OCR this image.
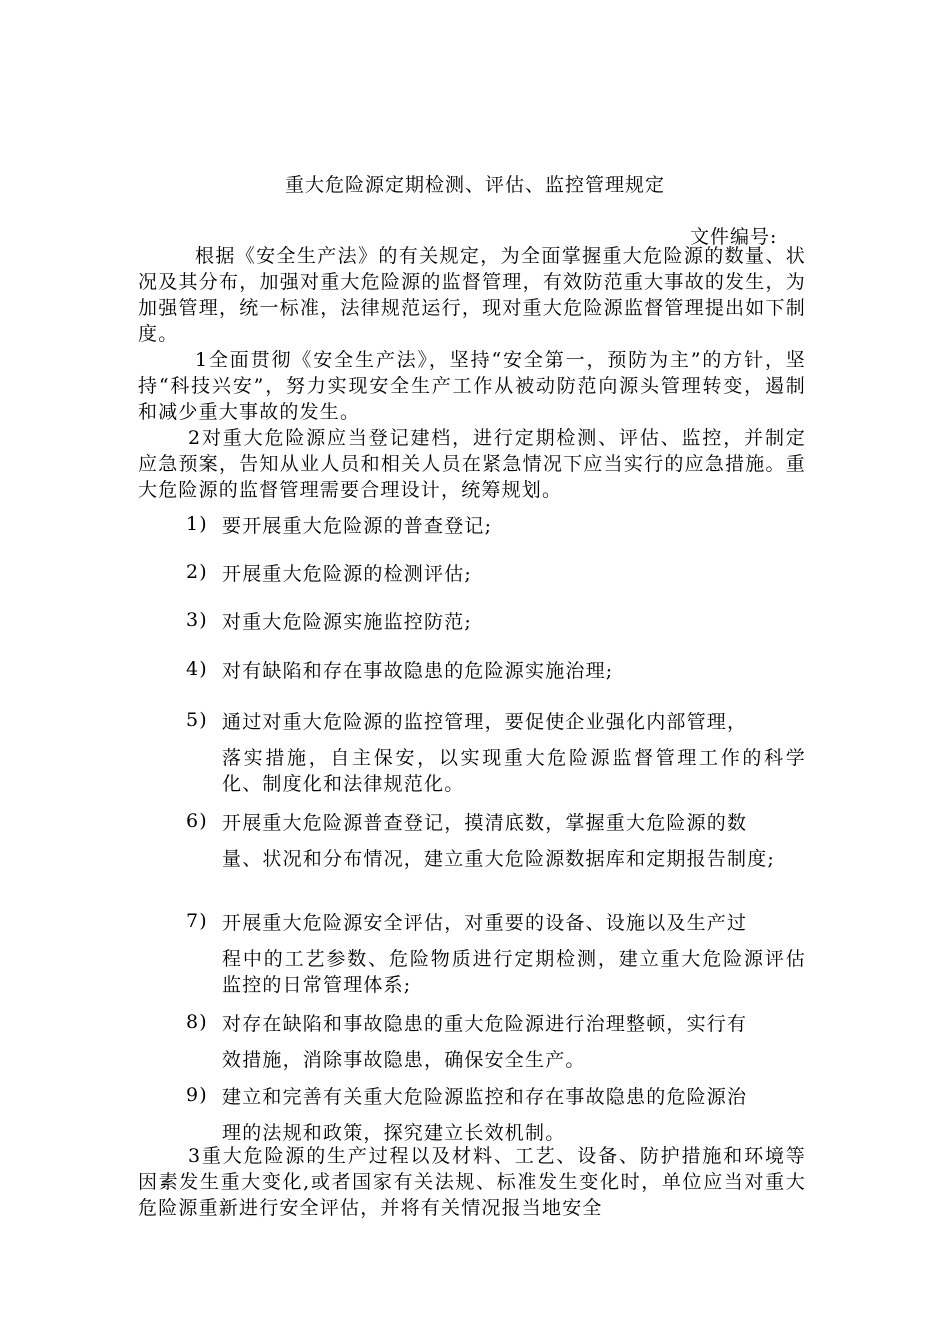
重大危险源定期检测、评估、监控管理规定
文件编号:
根据《安全生产法》的有关规定，为全面掌握重大危险源的数量、状况及其分布，加强对重大危险源的监督管理，有效防范重大事故的发生，为加强管理，统一标准，法律规范运行，现对重大危险源监督管理提出如下制度。
1全面贯彻《安全生产法》，坚持“安全第一，预防为主”的方针，坚持“科技兴安”，努力实现安全生产工作从被动防范向源头管理转变，遏制和减少重大事故的发生。
2对重大危险源应当登记建档，进行定期检测、评估、监控，并制定应急预案，告知从业人员和相关人员在紧急情况下应当实行的应急措施。重大危险源的监督管理需要合理设计，统筹规划。
1) 要开展重大危险源的普查登记;
2) 开展重大危险源的检测评估;
3) 对重大危险源实施监控防范;
4) 对有缺陷和存在事故隐患的危险源实施治理;
5) 通过对重大危险源的监控管理，要促使企业强化内部管理，
落实措施，自主保安，以实现重大危险源监督管理工作的科学化、制度化和法律规范化。
6) 开展重大危险源普查登记，摸清底数，掌握重大危险源的数
量、状况和分布情况，建立重大危险源数据库和定期报告制度;
7) 开展重大危险源安全评估，对重要的设备、设施以及生产过
程中的工艺参数、危险物质进行定期检测，建立重大危险源评估监控的日常管理体系;
8) 对存在缺陷和事故隐患的重大危险源进行治理整顿，实行有
效措施，消除事故隐患，确保安全生产。
9) 建立和完善有关重大危险源监控和存在事故隐患的危险源治
理的法规和政策，探究建立长效机制。
3重大危险源的生产过程以及材料、工艺、设备、防护措施和环境等因素发生重大变化,或者国家有关法规、标准发生变化时，单位应当对重大危险源重新进行安全评估，并将有关情况报当地安全
